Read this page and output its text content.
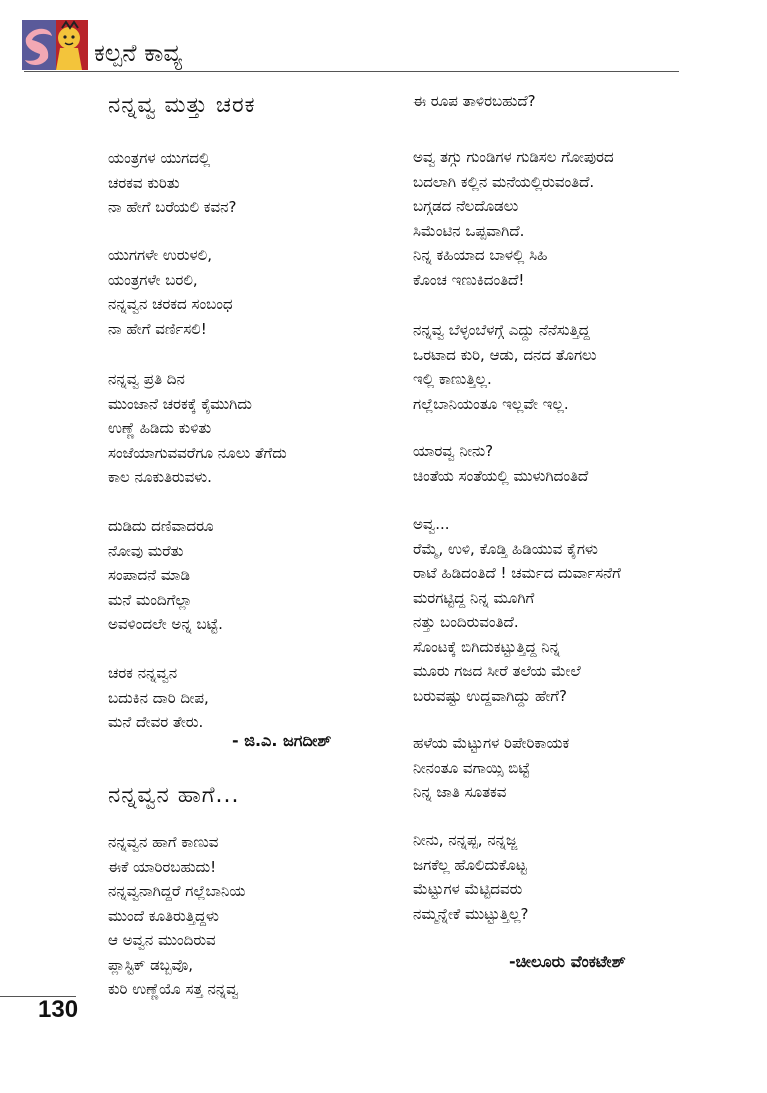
ಕಲ್ಪನೆ ಕಾವ್ಯ
ನನ್ನವ್ವ ಮತ್ತು ಚರಕ
ಯಂತ್ರಗಳ ಯುಗದಲ್ಲಿ
ಚರಕವ ಕುರಿತು
ನಾ ಹೇಗೆ ಬರೆಯಲಿ ಕವನ?
ಯುಗಗಳೇ ಉರುಳಲಿ,
ಯಂತ್ರಗಳೇ ಬರಲಿ,
ನನ್ನವ್ವನ ಚರಕದ ಸಂಬಂಧ
ನಾ ಹೇಗೆ ವರ್ಣಿಸಲಿ!
ನನ್ನವ್ವ ಪ್ರತಿ ದಿನ
ಮುಂಜಾನೆ ಚರಕಕ್ಕೆ ಕೈಮುಗಿದು
ಉಣ್ಣೆ ಹಿಡಿದು ಕುಳಿತು
ಸಂಜೆಯಾಗುವವರೆಗೂ ನೂಲು ತೆಗೆದು
ಕಾಲ ನೂಕುತಿರುವಳು.
ದುಡಿದು ದಣಿವಾದರೂ
ನೋವು ಮರೆತು
ಸಂಪಾದನೆ ಮಾಡಿ
ಮನೆ ಮಂದಿಗೆಲ್ಲಾ
ಅವಳಿಂದಲೇ ಅನ್ನ ಬಟ್ಟೆ.
ಚರಕ ನನ್ನವ್ವನ
ಬದುಕಿನ ದಾರಿ ದೀಪ,
ಮನೆ ದೇವರ ತೇರು.
- ಜಿ.ಎ. ಜಗದೀಶ್
ನನ್ನವ್ವನ ಹಾಗೆ...
ನನ್ನವ್ವನ ಹಾಗೆ ಕಾಣುವ
ಈಕೆ ಯಾರಿರಬಹುದು!
ನನ್ನವ್ವನಾಗಿದ್ದರೆ ಗಲ್ಲೆಬಾನಿಯ
ಮುಂದೆ ಕೂತಿರುತ್ತಿದ್ದಳು
ಆ ಅವ್ವನ ಮುಂದಿರುವ
ಪ್ಲಾಸ್ಟಿಕ್ ಡಬ್ಬವೊ,
ಕುರಿ ಉಣ್ಣೆಯೊ ಸತ್ತ ನನ್ನವ್ವ
ಈ ರೂಪ ತಾಳಿರಬಹುದೆ?
ಅವ್ವ ತಗ್ಗು ಗುಂಡಿಗಳ ಗುಡಿಸಲ ಗೋಪುರದ
ಬದಲಾಗಿ ಕಲ್ಲಿನ ಮನೆಯಲ್ಲಿರುವಂತಿದೆ.
ಬಗ್ಗಡದ ನೆಲದೊಡಲು
ಸಿಮೆಂಟಿನ ಒಪ್ಪವಾಗಿದೆ.
ನಿನ್ನ ಕಹಿಯಾದ ಬಾಳಲ್ಲಿ ಸಿಹಿ
ಕೊಂಚ ಇಣುಕಿದಂತಿದೆ!
ನನ್ನವ್ವ ಬೆಳ್ಳಂಬೆಳಗ್ಗೆ ಎದ್ದು ನೆನೆಸುತ್ತಿದ್ದ
ಒರಟಾದ ಕುರಿ, ಆಡು, ದನದ ತೊಗಲು
ಇಲ್ಲಿ ಕಾಣುತ್ತಿಲ್ಲ.
ಗಲ್ಲೆಬಾನಿಯಂತೂ ಇಲ್ಲವೇ ಇಲ್ಲ.
ಯಾರವ್ವ ನೀನು?
ಚಿಂತೆಯ ಸಂತೆಯಲ್ಲಿ ಮುಳುಗಿದಂತಿದೆ
ಅವ್ವ...
ರೆಮ್ಮೆ, ಉಳಿ, ಕೊಡ್ತಿ ಹಿಡಿಯುವ ಕೈಗಳು
ರಾಟೆ ಹಿಡಿದಂತಿದೆ ! ಚರ್ಮದ ದುರ್ವಾಸನೆಗೆ
ಮರಗಟ್ಟಿದ್ದ ನಿನ್ನ ಮೂಗಿಗೆ
ನತ್ತು ಬಂದಿರುವಂತಿದೆ.
ಸೊಂಟಕ್ಕೆ ಬಿಗಿದುಕಟ್ಟುತ್ತಿದ್ದ ನಿನ್ನ
ಮೂರು ಗಜದ ಸೀರೆ ತಲೆಯ ಮೇಲೆ
ಬರುವಷ್ಟು ಉದ್ದವಾಗಿದ್ದು ಹೇಗೆ?
ಹಳೆಯ ಮೆಟ್ಟುಗಳ ರಿಪೇರಿಕಾಯಕ
ನೀನಂತೂ ವಗಾಯ್ಸಿ ಬಿಟ್ಟೆ
ನಿನ್ನ ಜಾತಿ ಸೂತಕವ
ನೀನು, ನನ್ನಪ್ಪ, ನನ್ನಜ್ಜ
ಜಗಕೆಲ್ಲ ಹೊಲಿದುಕೊಟ್ಟ
ಮೆಟ್ಟುಗಳ ಮೆಟ್ಟಿದವರು
ನಮ್ಮನ್ನೇಕೆ ಮುಟ್ಟುತ್ತಿಲ್ಲ?
-ಚೀಲೂರು ವೆಂಕಟೇಶ್
130
